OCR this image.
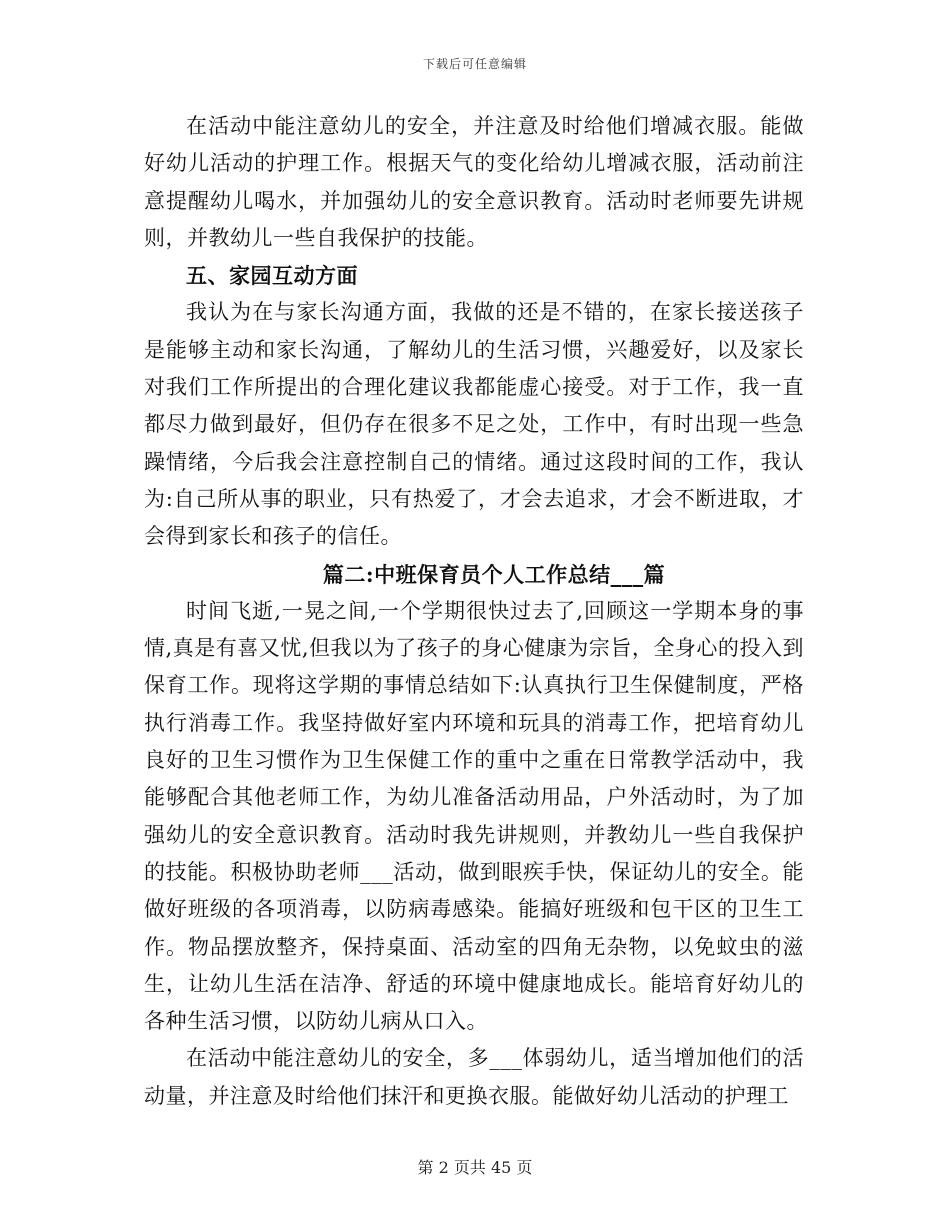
下载后可任意编辑

在活动中能注意幼儿的安全，并注意及时给他们增减衣服。能做好幼儿活动的护理工作。根据天气的变化给幼儿增减衣服，活动前注意提醒幼儿喝水，并加强幼儿的安全意识教育。活动时老师要先讲规则，并教幼儿一些自我保护的技能。

五、家园互动方面

我认为在与家长沟通方面，我做的还是不错的，在家长接送孩子是能够主动和家长沟通，了解幼儿的生活习惯，兴趣爱好，以及家长对我们工作所提出的合理化建议我都能虚心接受。对于工作，我一直都尽力做到最好，但仍存在很多不足之处，工作中，有时出现一些急躁情绪，今后我会注意控制自己的情绪。通过这段时间的工作，我认为:自己所从事的职业，只有热爱了，才会去追求，才会不断进取，才会得到家长和孩子的信任。

篇二:中班保育员个人工作总结___篇

时间飞逝,一晃之间,一个学期很快过去了,回顾这一学期本身的事情,真是有喜又忧,但我以为了孩子的身心健康为宗旨，全身心的投入到保育工作。现将这学期的事情总结如下:认真执行卫生保健制度，严格执行消毒工作。我坚持做好室内环境和玩具的消毒工作，把培育幼儿良好的卫生习惯作为卫生保健工作的重中之重在日常教学活动中，我能够配合其他老师工作，为幼儿准备活动用品，户外活动时，为了加强幼儿的安全意识教育。活动时我先讲规则，并教幼儿一些自我保护的技能。积极协助老师___活动，做到眼疾手快，保证幼儿的安全。能做好班级的各项消毒，以防病毒感染。能搞好班级和包干区的卫生工作。物品摆放整齐，保持桌面、活动室的四角无杂物，以免蚊虫的滋生，让幼儿生活在洁净、舒适的环境中健康地成长。能培育好幼儿的各种生活习惯，以防幼儿病从口入。

在活动中能注意幼儿的安全，多___体弱幼儿，适当增加他们的活动量，并注意及时给他们抹汗和更换衣服。能做好幼儿活动的护理工

第 2 页共 45 页
